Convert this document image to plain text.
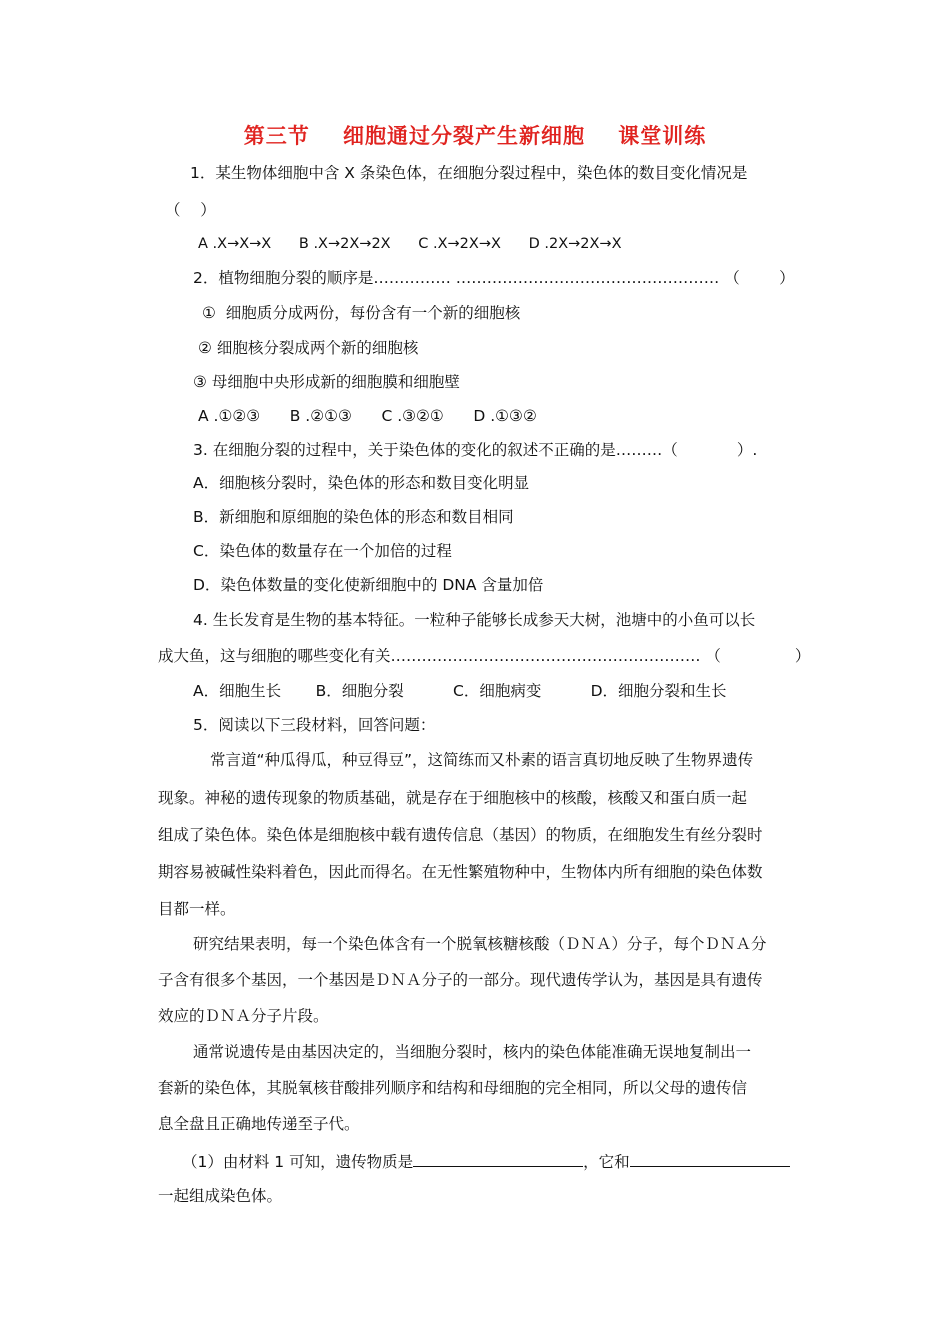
第三节    细胞通过分裂产生新细胞    课堂训练
1．某生物体细胞中含 X 条染色体，在细胞分裂过程中，染色体的数目变化情况是
（    ）
A .X→X→X      B .X→2X→2X      C .X→2X→X      D .2X→2X→X
2．植物细胞分裂的顺序是…………… …………………………………………… （        ）
①  细胞质分成两份，每份含有一个新的细胞核
② 细胞核分裂成两个新的细胞核
③ 母细胞中央形成新的细胞膜和细胞壁
A .①②③      B .②①③      C .③②①      D .①③②
3. 在细胞分裂的过程中，关于染色体的变化的叙述不正确的是………（            ）.
A．细胞核分裂时，染色体的形态和数目变化明显
B．新细胞和原细胞的染色体的形态和数目相同
C．染色体的数量存在一个加倍的过程
D．染色体数量的变化使新细胞中的 DNA 含量加倍
4. 生长发育是生物的基本特征。一粒种子能够长成参天大树，池塘中的小鱼可以长
成大鱼，这与细胞的哪些变化有关…………………………………………………… （               ）
A．细胞生长       B．细胞分裂          C．细胞病变          D．细胞分裂和生长
5．阅读以下三段材料，回答问题：
常言道“种瓜得瓜，种豆得豆”，这简练而又朴素的语言真切地反映了生物界遗传
现象。神秘的遗传现象的物质基础，就是存在于细胞核中的核酸，核酸又和蛋白质一起
组成了染色体。染色体是细胞核中载有遗传信息（基因）的物质，在细胞发生有丝分裂时
期容易被碱性染料着色，因此而得名。在无性繁殖物种中，生物体内所有细胞的染色体数
目都一样。
研究结果表明，每一个染色体含有一个脱氧核糖核酸（ＤＮＡ）分子，每个ＤＮＡ分
子含有很多个基因，一个基因是ＤＮＡ分子的一部分。现代遗传学认为，基因是具有遗传
效应的ＤＮＡ分子片段。
通常说遗传是由基因决定的，当细胞分裂时，核内的染色体能准确无误地复制出一
套新的染色体，其脱氧核苷酸排列顺序和结构和母细胞的完全相同，所以父母的遗传信
息全盘且正确地传递至子代。
（1）由材料 1 可知，遗传物质是	，它和
一起组成染色体。
